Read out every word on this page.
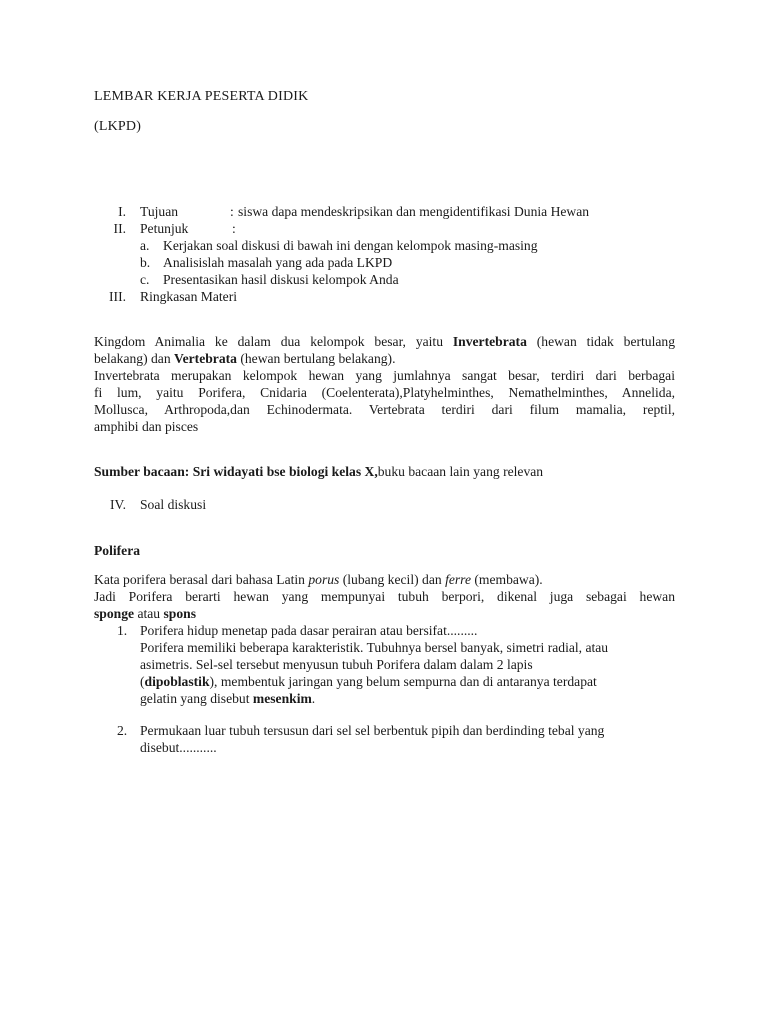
LEMBAR KERJA PESERTA DIDIK
(LKPD)
I. Tujuan	: siswa dapa mendeskripsikan dan mengidentifikasi Dunia Hewan
II. Petunjuk	:
a. Kerjakan soal diskusi di bawah ini dengan kelompok masing-masing
b. Analisislah masalah yang ada pada LKPD
c. Presentasikan hasil diskusi kelompok Anda
III. Ringkasan Materi
Kingdom Animalia ke dalam dua kelompok besar, yaitu Invertebrata (hewan tidak bertulang
belakang) dan Vertebrata (hewan bertulang belakang).
Invertebrata merupakan kelompok hewan yang jumlahnya sangat besar, terdiri dari berbagai
fi lum, yaitu Porifera, Cnidaria (Coelenterata),Platyhelminthes, Nemathelminthes, Annelida,
Mollusca, Arthropoda,dan Echinodermata. Vertebrata terdiri dari filum mamalia, reptil,
amphibi dan pisces
Sumber bacaan: Sri widayati bse biologi kelas X,buku bacaan lain yang relevan
IV. Soal diskusi
Polifera
Kata porifera berasal dari bahasa Latin porus (lubang kecil) dan ferre (membawa).
Jadi Porifera berarti hewan yang mempunyai tubuh berpori, dikenal juga sebagai hewan
sponge atau spons
1. Porifera hidup menetap pada dasar perairan atau bersifat.........
Porifera memiliki beberapa karakteristik. Tubuhnya bersel banyak, simetri radial, atau
asimetris. Sel-sel tersebut menyusun tubuh Porifera dalam dalam 2 lapis
(dipoblastik), membentuk jaringan yang belum sempurna dan di antaranya terdapat
gelatin yang disebut mesenkim.
2. Permukaan luar tubuh tersusun dari sel sel berbentuk pipih dan berdinding tebal yang
disebut...........
